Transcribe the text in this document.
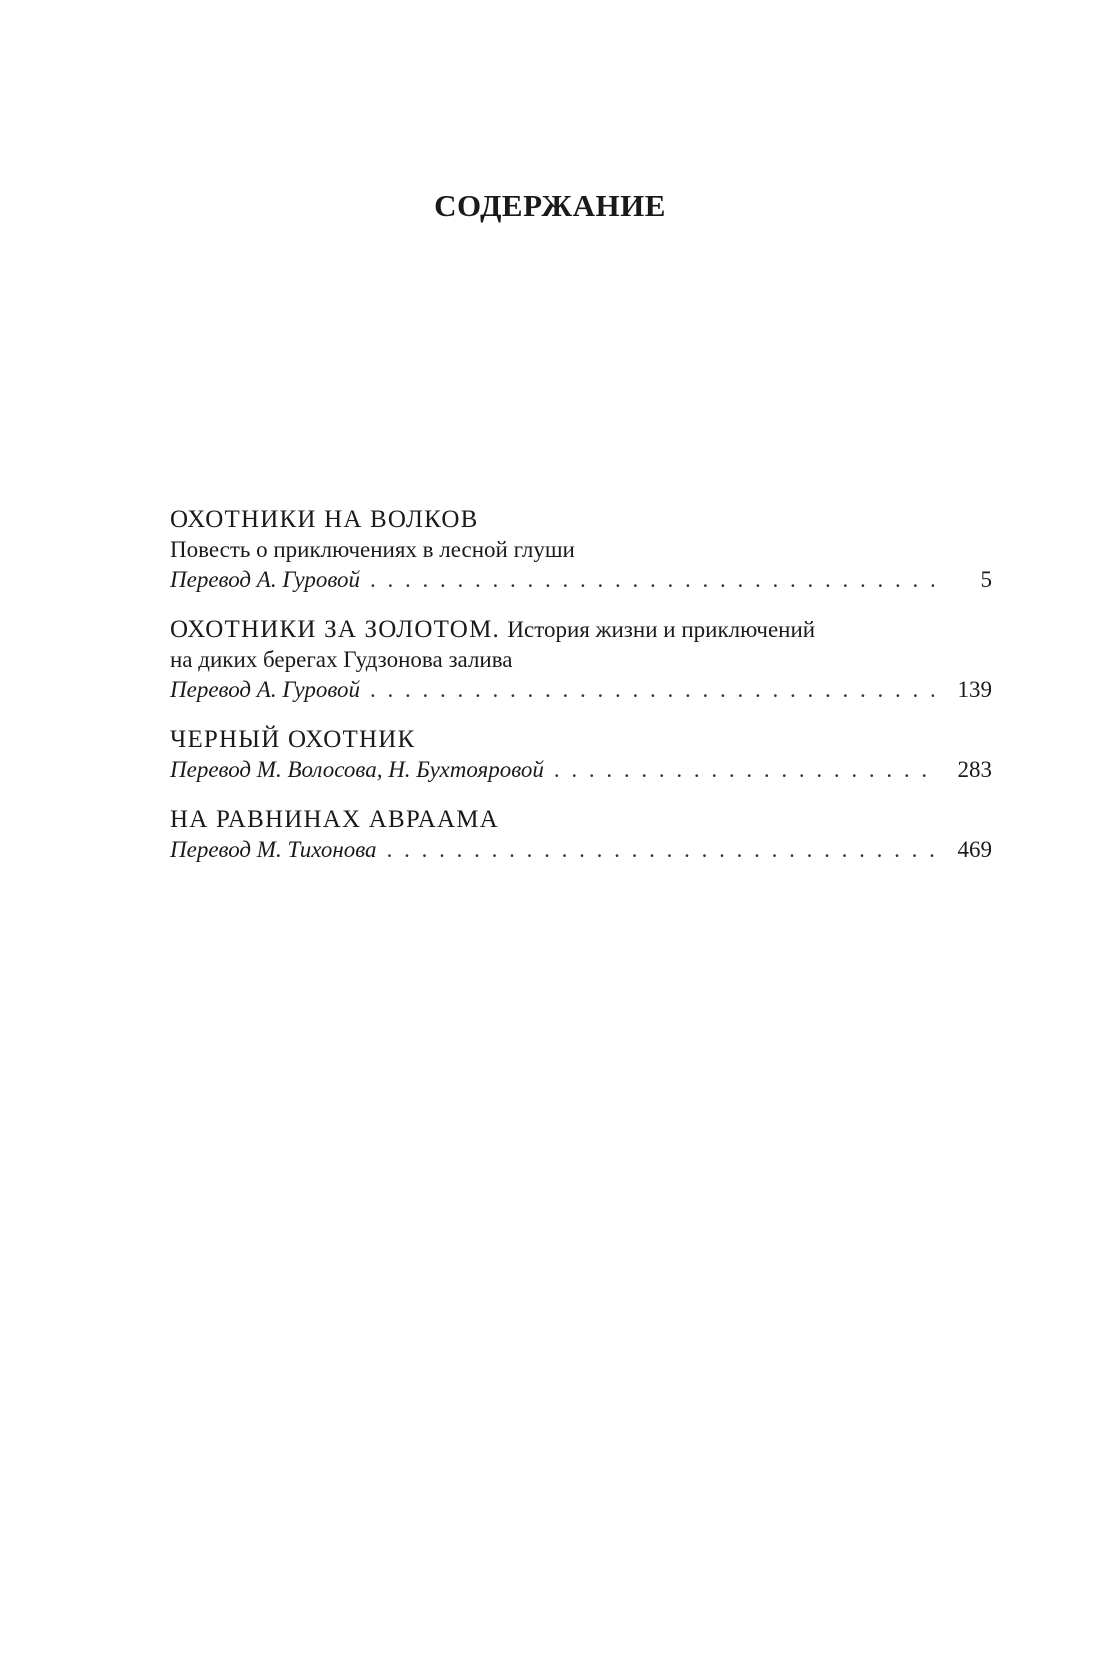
СОДЕРЖАНИЕ
ОХОТНИКИ НА ВОЛКОВ
Повесть о приключениях в лесной глуши
Перевод А. Гуровой . . .	5
ОХОТНИКИ ЗА ЗОЛОТОМ. История жизни и приключений
на диких берегах Гудзонова залива
Перевод А. Гуровой . . .	139
ЧЕРНЫЙ ОХОТНИК
Перевод М. Волосова, Н. Бухтояровой . . .	283
НА РАВНИНАХ АВРААМА
Перевод М. Тихонова . . .	469
